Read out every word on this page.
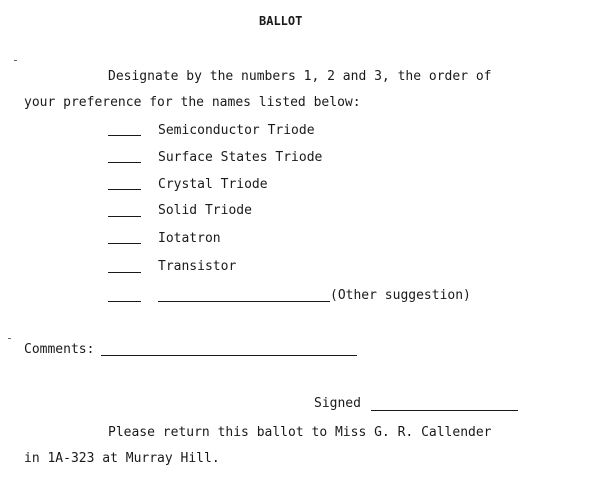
BALLOT
Designate by the numbers 1, 2 and 3, the order of
your preference for the names listed below:
Semiconductor Triode
Surface States Triode
Crystal Triode
Solid Triode
Iotatron
Transistor
(Other suggestion)
Comments:
Signed
Please return this ballot to Miss G. R. Callender
in 1A-323 at Murray Hill.
